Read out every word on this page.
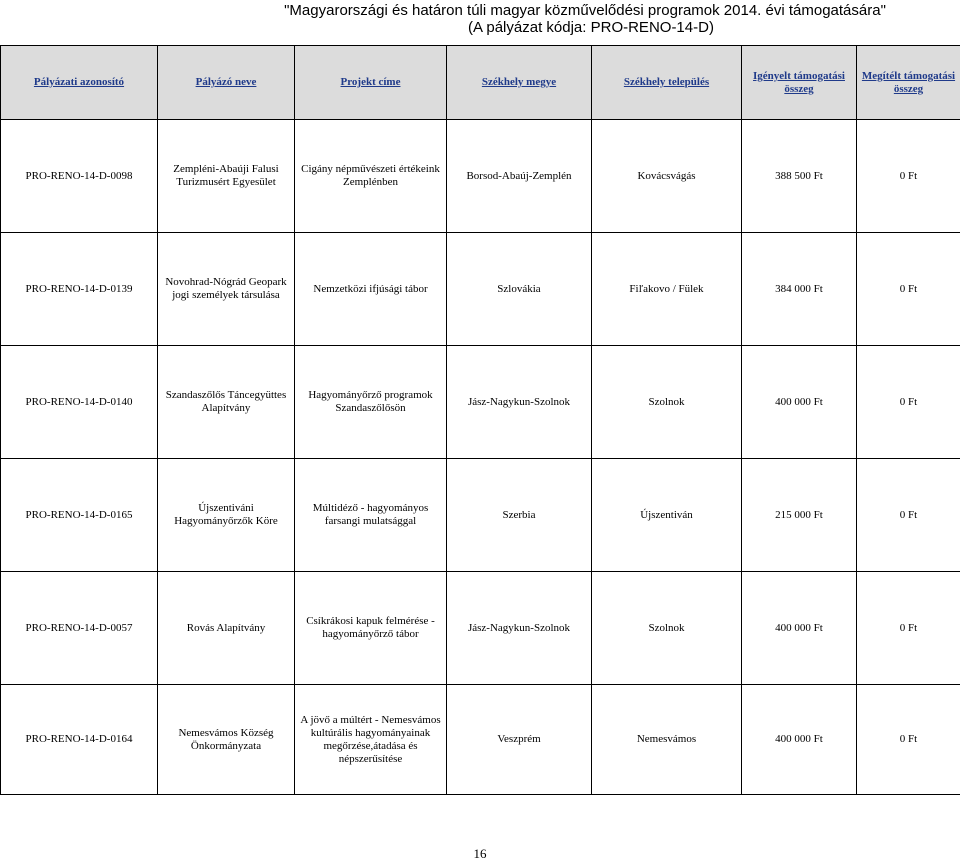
"Magyarországi és határon túli magyar közművelődési programok 2014. évi támogatására"
(A pályázat kódja: PRO-RENO-14-D)
Pályázati azonosító	Pályázó neve	Projekt címe	Székhely megye	Székhely település	Igényelt támogatási összeg	Megítélt támogatási összeg
PRO-RENO-14-D-0098	Zempléni-Abaúji Falusi Turizmusért Egyesület	Cigány népművészeti értékeink Zemplénben	Borsod-Abaúj-Zemplén	Kovácsvágás	388 500 Ft	0 Ft
PRO-RENO-14-D-0139	Novohrad-Nógrád Geopark jogi személyek társulása	Nemzetközi ifjúsági tábor	Szlovákia	Fiľakovo / Fülek	384 000 Ft	0 Ft
PRO-RENO-14-D-0140	Szandaszőlős Táncegyüttes Alapítvány	Hagyományőrző programok Szandaszőlősön	Jász-Nagykun-Szolnok	Szolnok	400 000 Ft	0 Ft
PRO-RENO-14-D-0165	Újszentiváni Hagyományőrzők Köre	Múltidéző - hagyományos farsangi mulatsággal	Szerbia	Újszentiván	215 000 Ft	0 Ft
PRO-RENO-14-D-0057	Rovás Alapítvány	Csíkrákosi kapuk felmérése - hagyományőrző tábor	Jász-Nagykun-Szolnok	Szolnok	400 000 Ft	0 Ft
PRO-RENO-14-D-0164	Nemesvámos Község Önkormányzata	A jövő a múltért - Nemesvámos kultúrális hagyományainak megőrzése,átadása és népszerűsítése	Veszprém	Nemesvámos	400 000 Ft	0 Ft
16
